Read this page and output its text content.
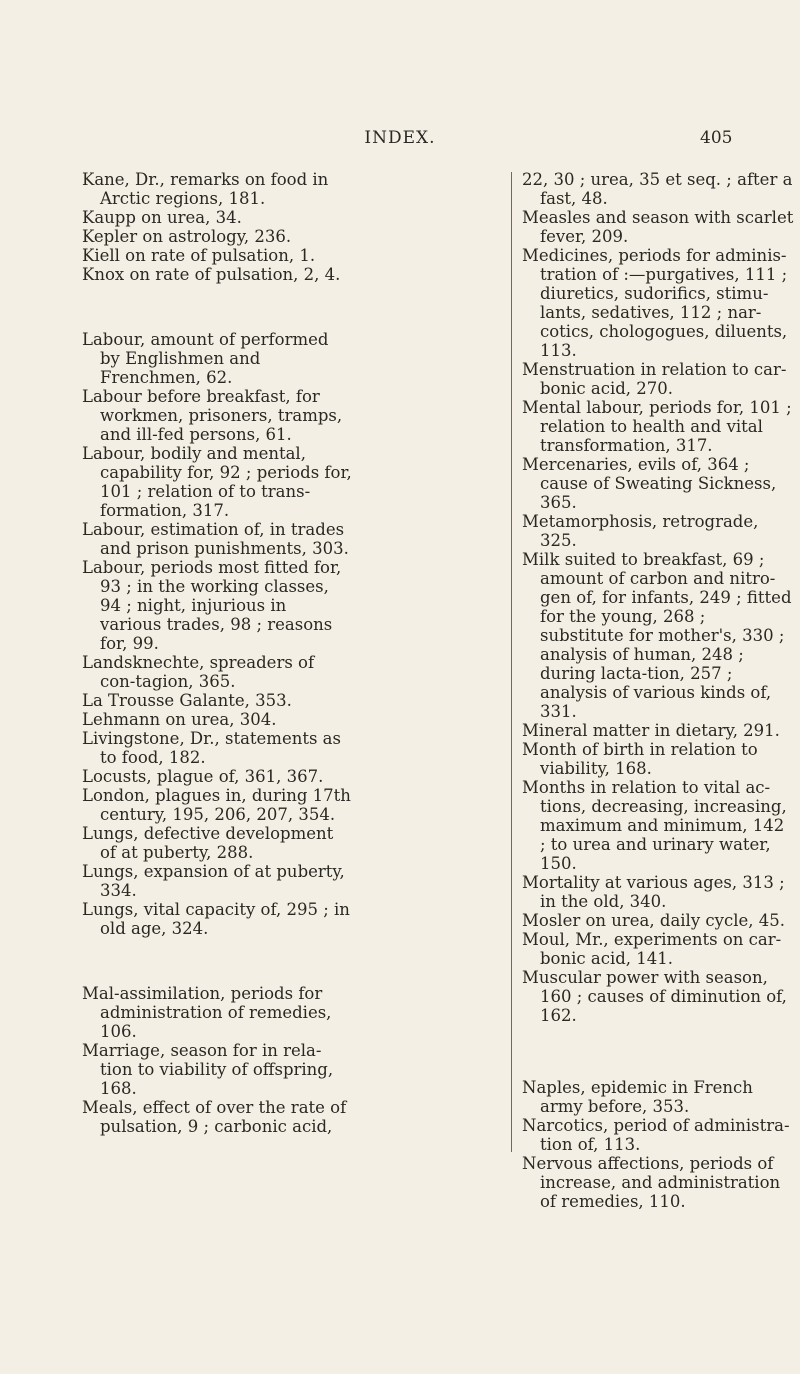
INDEX.	405

Kane, Dr., remarks on food in Arctic regions, 181.

Kaupp on urea, 34.

Kepler on astrology, 236.

Kiell on rate of pulsation, 1.

Knox on rate of pulsation, 2, 4.

Labour, amount of performed by Englishmen and Frenchmen, 62.

Labour before breakfast, for workmen, prisoners, tramps, and ill-fed persons, 61.

Labour, bodily and mental, capability for, 92 ; periods for, 101 ; relation of to trans-formation, 317.

Labour, estimation of, in trades and prison punishments, 303.

Labour, periods most fitted for, 93 ; in the working classes, 94 ; night, injurious in various trades, 98 ; reasons for, 99.

Landsknechte, spreaders of con-tagion, 365.

La Trousse Galante, 353.

Lehmann on urea, 304.

Livingstone, Dr., statements as to food, 182.

Locusts, plague of, 361, 367.

London, plagues in, during 17th century, 195, 206, 207, 354.

Lungs, defective development of at puberty, 288.

Lungs, expansion of at puberty, 334.

Lungs, vital capacity of, 295 ; in old age, 324.

Mal-assimilation, periods for administration of remedies, 106.

Marriage, season for in rela-tion to viability of offspring, 168.

Meals, effect of over the rate of pulsation, 9 ; carbonic acid,

22, 30 ; urea, 35 et seq. ; after a fast, 48.

Measles and season with scarlet fever, 209.

Medicines, periods for adminis-tration of :—purgatives, 111 ; diuretics, sudorifics, stimu-lants, sedatives, 112 ; nar-cotics, chologogues, diluents, 113.

Menstruation in relation to car-bonic acid, 270.

Mental labour, periods for, 101 ; relation to health and vital transformation, 317.

Mercenaries, evils of, 364 ; cause of Sweating Sickness, 365.

Metamorphosis, retrograde, 325.

Milk suited to breakfast, 69 ; amount of carbon and nitro-gen of, for infants, 249 ; fitted for the young, 268 ; substitute for mother's, 330 ; analysis of human, 248 ; during lacta-tion, 257 ; analysis of various kinds of, 331.

Mineral matter in dietary, 291.

Month of birth in relation to viability, 168.

Months in relation to vital ac-tions, decreasing, increasing, maximum and minimum, 142 ; to urea and urinary water, 150.

Mortality at various ages, 313 ; in the old, 340.

Mosler on urea, daily cycle, 45.

Moul, Mr., experiments on car-bonic acid, 141.

Muscular power with season, 160 ; causes of diminution of, 162.

Naples, epidemic in French army before, 353.

Narcotics, period of administra-tion of, 113.

Nervous affections, periods of increase, and administration of remedies, 110.
